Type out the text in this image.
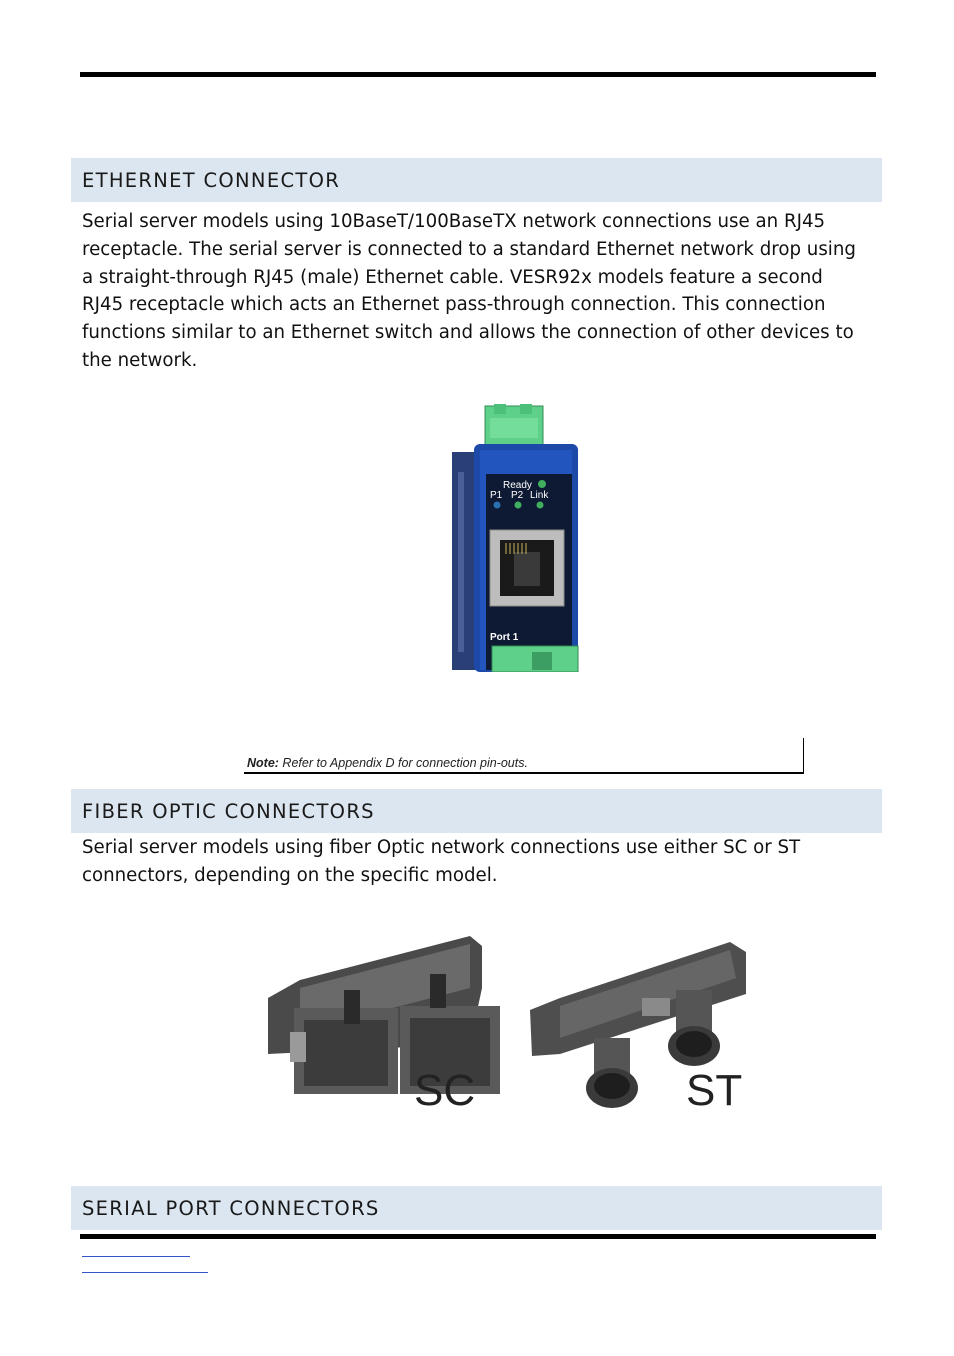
ETHERNET CONNECTOR
Serial server models using 10BaseT/100BaseTX network connections use an RJ45
receptacle. The serial server is connected to a standard Ethernet network drop using
a straight-through RJ45 (male) Ethernet cable. VESR92x models feature a second
RJ45 receptacle which acts an Ethernet pass-through connection. This connection
functions similar to an Ethernet switch and allows the connection of other devices to
the network.
Ready
P1 P2 Link
Port 1
Note: Refer to Appendix D for connection pin-outs.
FIBER OPTIC CONNECTORS
Serial server models using fiber Optic network connections use either SC or ST
connectors, depending on the specific model.
SC	ST
SERIAL PORT CONNECTORS
